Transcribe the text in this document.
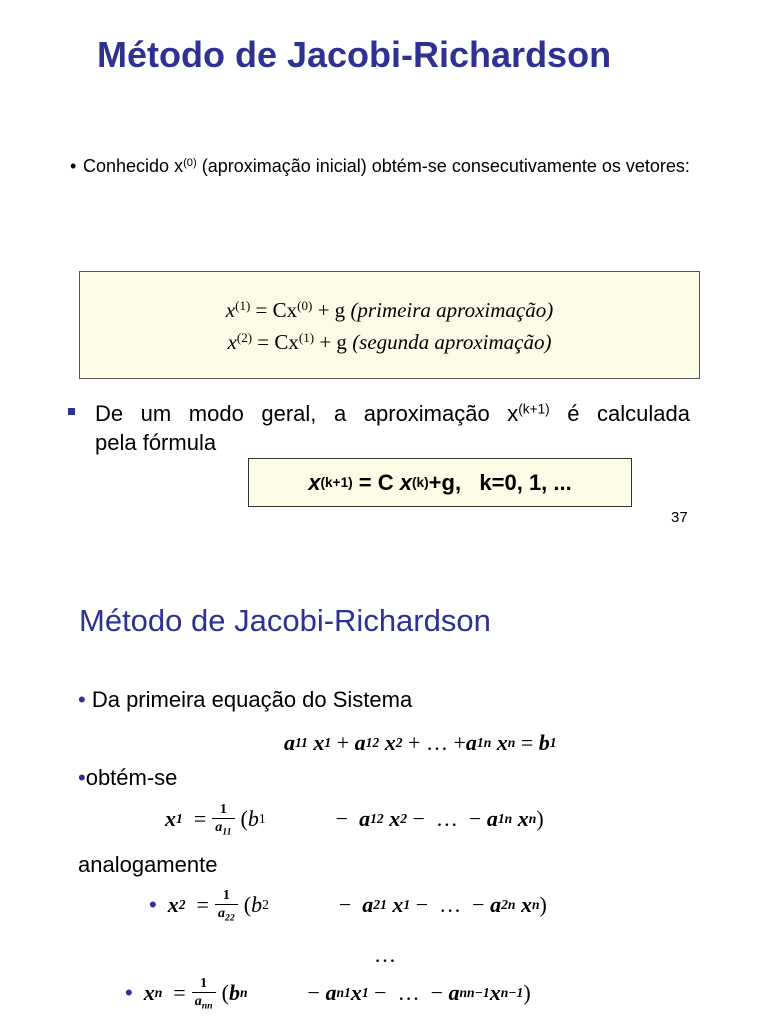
Método de Jacobi-Richardson
• Conhecido $x^{(0)}$ (aproximação inicial) obtém-se consecutivamente os vetores:
$x^{(1)} = Cx^{(0)} + g$ (primeira aproximação)
$x^{(2)} = Cx^{(1)} + g$ (segunda aproximação)
De um modo geral, a aproximação $x^{(k+1)}$ é calculada
pela fórmula
x (k+1) = C x (k) +g,   k=0, 1, ...
37
Método de Jacobi-Richardson
• Da primeira equação do Sistema
a 11
x 1
+
a 12
x 2
+
…
+ a 1n
x n
=
b 1
•obtém-se
x 1
= $\frac{1}{a_{11}}$ ( b 1	−
a 12
x 2
−
…
−
a 1n
x n )
analogamente
•
x 2
= $\frac{1}{a_{22}}$ ( b 2	−
a 21
x 1
−
…
−
a 2n
x n )
…
•
x n
= $\frac{1}{a_{nn}}$ ( b n	−
a n1 x 1
−
…
−
a nn−1 x n−1 )
